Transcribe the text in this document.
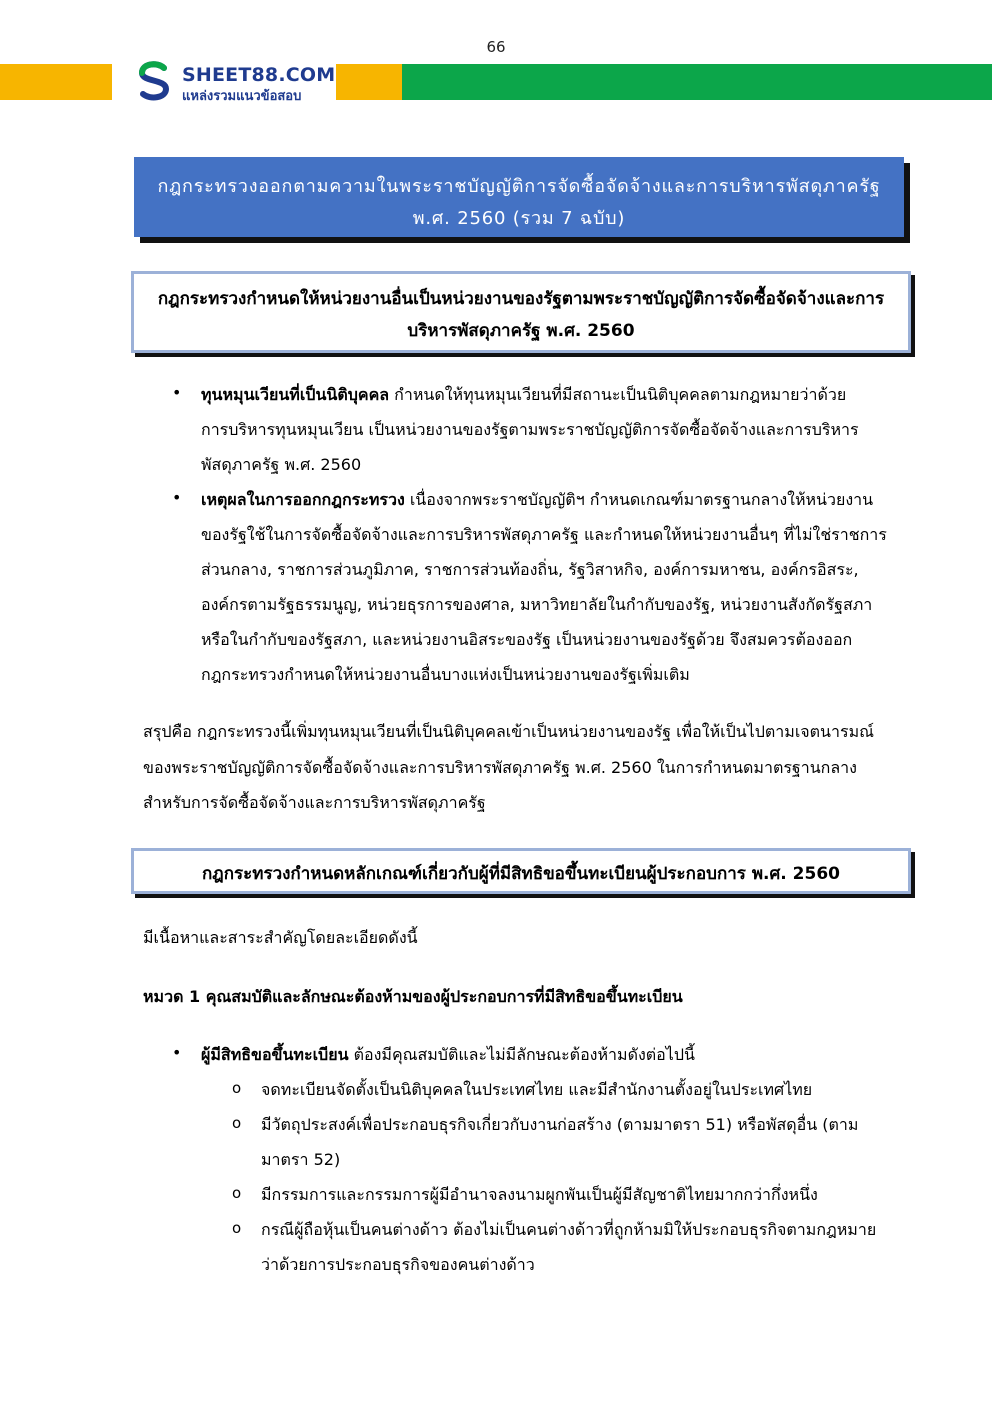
66
SHEET88.COM
แหล่งรวมแนวข้อสอบ
กฎกระทรวงออกตามความในพระราชบัญญัติการจัดซื้อจัดจ้างและการบริหารพัสดุภาครัฐ
พ.ศ. 2560 (รวม 7 ฉบับ)
กฎกระทรวงกำหนดให้หน่วยงานอื่นเป็นหน่วยงานของรัฐตามพระราชบัญญัติการจัดซื้อจัดจ้างและการ
บริหารพัสดุภาครัฐ พ.ศ. 2560
• ทุนหมุนเวียนที่เป็นนิติบุคคล กำหนดให้ทุนหมุนเวียนที่มีสถานะเป็นนิติบุคคลตามกฎหมายว่าด้วย
การบริหารทุนหมุนเวียน เป็นหน่วยงานของรัฐตามพระราชบัญญัติการจัดซื้อจัดจ้างและการบริหาร
พัสดุภาครัฐ พ.ศ. 2560
• เหตุผลในการออกกฎกระทรวง เนื่องจากพระราชบัญญัติฯ กำหนดเกณฑ์มาตรฐานกลางให้หน่วยงาน
ของรัฐใช้ในการจัดซื้อจัดจ้างและการบริหารพัสดุภาครัฐ และกำหนดให้หน่วยงานอื่นๆ ที่ไม่ใช่ราชการ
ส่วนกลาง, ราชการส่วนภูมิภาค, ราชการส่วนท้องถิ่น, รัฐวิสาหกิจ, องค์การมหาชน, องค์กรอิสระ,
องค์กรตามรัฐธรรมนูญ, หน่วยธุรการของศาล, มหาวิทยาลัยในกำกับของรัฐ, หน่วยงานสังกัดรัฐสภา
หรือในกำกับของรัฐสภา, และหน่วยงานอิสระของรัฐ เป็นหน่วยงานของรัฐด้วย จึงสมควรต้องออก
กฎกระทรวงกำหนดให้หน่วยงานอื่นบางแห่งเป็นหน่วยงานของรัฐเพิ่มเติม
สรุปคือ กฎกระทรวงนี้เพิ่มทุนหมุนเวียนที่เป็นนิติบุคคลเข้าเป็นหน่วยงานของรัฐ เพื่อให้เป็นไปตามเจตนารมณ์
ของพระราชบัญญัติการจัดซื้อจัดจ้างและการบริหารพัสดุภาครัฐ พ.ศ. 2560 ในการกำหนดมาตรฐานกลาง
สำหรับการจัดซื้อจัดจ้างและการบริหารพัสดุภาครัฐ
กฎกระทรวงกำหนดหลักเกณฑ์เกี่ยวกับผู้ที่มีสิทธิขอขึ้นทะเบียนผู้ประกอบการ พ.ศ. 2560
มีเนื้อหาและสาระสำคัญโดยละเอียดดังนี้
หมวด 1 คุณสมบัติและลักษณะต้องห้ามของผู้ประกอบการที่มีสิทธิขอขึ้นทะเบียน
• ผู้มีสิทธิขอขึ้นทะเบียน ต้องมีคุณสมบัติและไม่มีลักษณะต้องห้ามดังต่อไปนี้
o จดทะเบียนจัดตั้งเป็นนิติบุคคลในประเทศไทย และมีสำนักงานตั้งอยู่ในประเทศไทย
o มีวัตถุประสงค์เพื่อประกอบธุรกิจเกี่ยวกับงานก่อสร้าง (ตามมาตรา 51) หรือพัสดุอื่น (ตาม
มาตรา 52)
o มีกรรมการและกรรมการผู้มีอำนาจลงนามผูกพันเป็นผู้มีสัญชาติไทยมากกว่ากึ่งหนึ่ง
o กรณีผู้ถือหุ้นเป็นคนต่างด้าว ต้องไม่เป็นคนต่างด้าวที่ถูกห้ามมิให้ประกอบธุรกิจตามกฎหมาย
ว่าด้วยการประกอบธุรกิจของคนต่างด้าว
